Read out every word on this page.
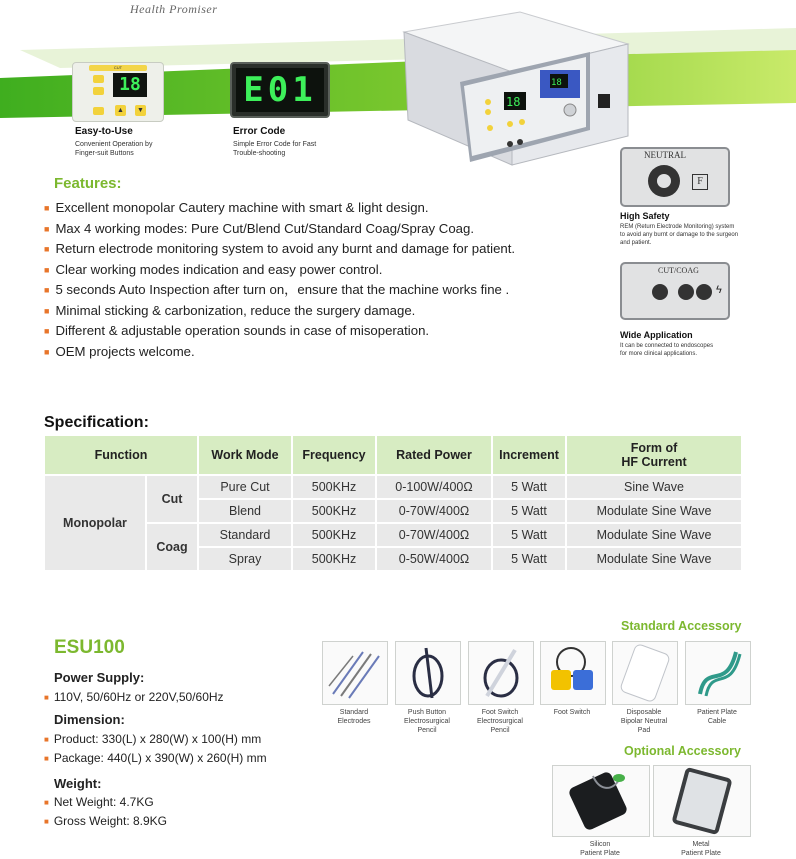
Health Promiser
CUT
18
▲ ▼
Easy-to-Use
Convenient Operation by
Finger-suit Buttons
E01
Error Code
Simple Error Code for Fast
Trouble-shooting
18
18
Features:
■ Excellent monopolar Cautery machine with smart & light design.
■ Max 4 working modes: Pure Cut/Blend Cut/Standard Coag/Spray Coag.
■ Return electrode monitoring system to avoid any burnt and damage for patient.
■ Clear working modes indication and easy power control.
■ 5 seconds Auto Inspection after turn on，ensure that the machine works fine .
■ Minimal sticking & carbonization, reduce the surgery damage.
■ Different & adjustable operation sounds in case of misoperation.
■ OEM projects welcome.
NEUTRAL
F
High Safety
REM (Return Electrode Monitoring) system
to avoid any burnt or damage to the surgeon
and patient.
CUT/COAG
ϟ
Wide Application
It can be connected to endoscopes
for more clinical applications.
Specification:
Function		Work Mode	Frequency	Rated Power	Increment	Form of
HF Current

Monopolar	Cut	Pure Cut	500KHz	0-100W/400Ω	5 Watt	Sine Wave
		Blend	500KHz	0-70W/400Ω	5 Watt	Modulate Sine Wave
	Coag	Standard	500KHz	0-70W/400Ω	5 Watt	Modulate Sine Wave
		Spray	500KHz	0-50W/400Ω	5 Watt	Modulate Sine Wave
ESU100
Power Supply:
■ 110V, 50/60Hz or 220V,50/60Hz
Dimension:
■ Product: 330(L) x 280(W) x 100(H) mm
■ Package: 440(L) x 390(W) x 260(H) mm
Weight:
■ Net Weight: 4.7KG
■ Gross Weight: 8.9KG
Standard Accessory
Standard
Electrodes
Push Button
Electrosurgical
Pencil
Foot Switch
Electrosurgical
Pencil
Foot Switch	Disposable
Bipolar Neutral
Pad
Patient Plate
Cable
Optional Accessory
Silicon
Patient Plate
Metal
Patient Plate
